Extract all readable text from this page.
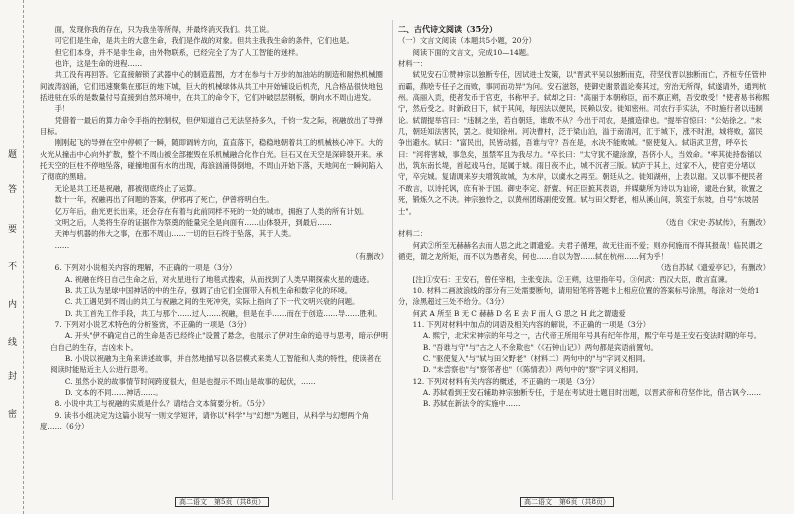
题
答
要
不
内
线
封
密

面，发现你我的存在，只为我坐等所得，并最终消灭我们。共工说。

可它们是生命，是共主的大意生命，我们是作战的对象。但共主我我生命的条件，它们也是。

但它们本身，并不是非生命，由外物联系，已经完全了为了人工智能的迷样。

也许，这是生命的进程……

共工没有再回答。它直接解锁了武器中心的制造蓝图，方才在参与十万步的加油站的制造和耐热机械圈间波涛汹涌，它们迅速聚集在那巨的地下城，巨大的机械球体从共工中开始铺设后机壳，凡合格品很快地包括进驻在乐的是数量付号直接到自然环境中，在共工的命令下，它们冲破层层钢板，朝向水不周山进发。

手！

凭借着一最后的算力命令手指的控制权，但伊知道自己无法坚持多久，千钧一发之际，祝融放出了导弹目标。

刚刚起飞的导弹在空中停顿了一瞬，随即调转方向，直直落下，稳稳地朝着共工的机械核心冲下。大的火光从撞击中心向外扩散，整个不周山被全部摧毁在乐机械融合化作白光。巨石又在天空是深碎裂开来。承托天空的巨柱不停地坠落，碰撞地面有水的出现，海浪汹涌得倒地，不周山开始下落，天地间在一瞬间陷入了彻底的黑暗。

无论是共工还是祝融，都被彻底终止了运算。

数十一年，祝融再出了问题的答案，伊邪再了死亡，伊曾将明白生。

亿万年后，曲光更长出来，还会存在有着与此前同样不死的一处的城市，拥抱了人类的所有计划。

文明之后，人类将生存的证据作为祭奠的能量完全是向面有……山体裂开，到最后……

天神与机器的伟大之事，在那不周山……一切的巨石终于坠落，其于人类。

……

（有删改）

6. 下列对小说相关内容的理解，不正确的一项是（3分）

A. 祝融在终日自己生命之后，对火星进行了地毯式搜索，从而找到了人类早期探索火星的遗迹。

B. 共工认为星球中国神话的中的生存，强调了由它们全面带入有机生命和数字化的环境。

C. 共工遇见到不周山的共工与祝融之间的生死冲突，实际上指向了下一代文明兴衰的问题。

D. 共工首先工作手段，共工与那个……过人……祝融，但是在手……而在于创造……导……胜利。

7. 下列对小说艺术特色的分析鉴赏，不正确的一项是（3分）

A. 开头"伊不确定自己的生命是否已经终止"设置了悬念，也展示了伊对生命的追寻与思考，暗示伊明白自己的生存，吉凶未卜。

B. 小说以祝融为主角来讲述故事，并自然地描写以各层模式来类人工智能和人类的特性，使读者在阅读时能贴近主人公进行思考。

C. 虽然小说的故事情节时间跨度很大，但是也提示不周山是故事的起伏，……

D. 文本的不同……神话……。

8. 小说中共工与祝融的实质是什么？请结合文本简要分析。（5分）

9. 读书小组决定为这篇小说写一则文学短评，请你以"科学"与"幻想"为题目，从科学与幻想两个角度……（6分）

二、古代诗文阅读（35分）

（一）文言文阅读（本题共5小题，20分）

阅读下面的文言文，完成10—14题。

材料一：

轼见安石①赞神宗以独断专任，因试进士发策，以"晋武平吴以独断而克，苻坚伐晋以独断而亡，齐桓专任管仲而霸，燕哙专任子之而败，事同而功异"为问。安石滋怒，使御史谢景温论奏其过，穷治无所得，轼遂请外，通判杭州。高丽入贡，使者发币于官吏，书称甲子。轼却之曰："高丽于本朝称臣，而不禀正朔，吾安敢受！"使者易书称熙宁，然后受之。时新政日下，轼于其间，每因法以便民，民赖以安。徙知密州。司农行手实法，不时施行者以违制论。轼谓提举官曰："违制之坐，若自朝廷，谁敢不从？今出于司农，是擅造律也。"提举官惊曰："公姑徐之。"未几，朝廷知法害民，罢之。徙知徐州。河决曹村，泛于梁山泊，溢于南清河，汇于城下，涨不时泄，城将败，富民争出避水。轼曰："富民出，民皆动摇，吾谁与守？吾在是，水决不能败城。"驱使复入。轼诣武卫营，呼卒长曰："河将害城，事急矣，虽禁军且为我尽力。"卒长曰："太守犹不避涂潦，吾侪小人，当效命。"率其徒持畚锸以出，筑东南长堤，首起戏马台，尾属于城。雨日夜不止，城不沉者三版。轼庐于其上，过家不入，使官吏分堵以守，卒完城。复请调来岁夫增筑故城，为木岸，以虞水之再至。朝廷从之。徙知湖州，上表以谢。又以事不便民者不敢言，以诗托讽，庶有补于国。御史李定、舒亶、何正臣摭其表语，并媒蘖所为诗以为讪谤，逮赴台狱，欲置之死，锻炼久之不决。神宗独怜之，以黄州团练副使安置。轼与田父野老，相从溪山间，筑室于东坡，自号"东坡居士"。

（选自《宋史·苏轼传》，有删改）

材料二：

何武②所至无赫赫名去而人思之此之谓遗爱。夫君子循理，故无往而不爱；则亦何施而不得其报哉！临民谓之循吏，谓之龙所矩，而不以为愚者矣，何也……自以为智……轼在杭州……何为乎！

（选自苏轼《遗爱亭记》，有删改）

[注]①安石：王安石，曾任宰相，主张变法。②王朔，这里指年号。③何武：西汉大臣，敢言直谏。

10. 材料二画波浪线的部分有三处需要断句，请用铅笔将答题卡上相应位置的答案标号涂黑，每涂对一处给1分，涂黑超过三处不给分。（3分）

何武 A 所至 B 无 C 赫赫 D 名 E 去 F 而人 G 思之 H 此之谓遗爱

11. 下列对材料中加点的词语及相关内容的解说，不正确的一项是（3分）

A. 熙宁，北宋宋神宗的年号之一，古代帝王所用年号具有纪年作用，熙宁年号是王安石变法时期的年号。

B. "吾谁与守"与"古之人不余欺也"（《石钟山记》）两句都是宾语前置句。

C. "驱使复入"与"轼与田父野老"（材料二）两句中的"与"字词义相同。

D. "未尝察也"与"察邻者也"（《陈情表》）两句中的"察"字词义相同。

12. 下列对材料有关内容的概述，不正确的一项是（3分）

A. 苏轼看到王安石辅助神宗独断专任，于是在考试进士题目时出题，以晋武帝和苻坚作比，借古讽今……

B. 苏轼在新法令的实施中……

高二语文　第5页（共8页）	高二语文　第6页（共8页）
